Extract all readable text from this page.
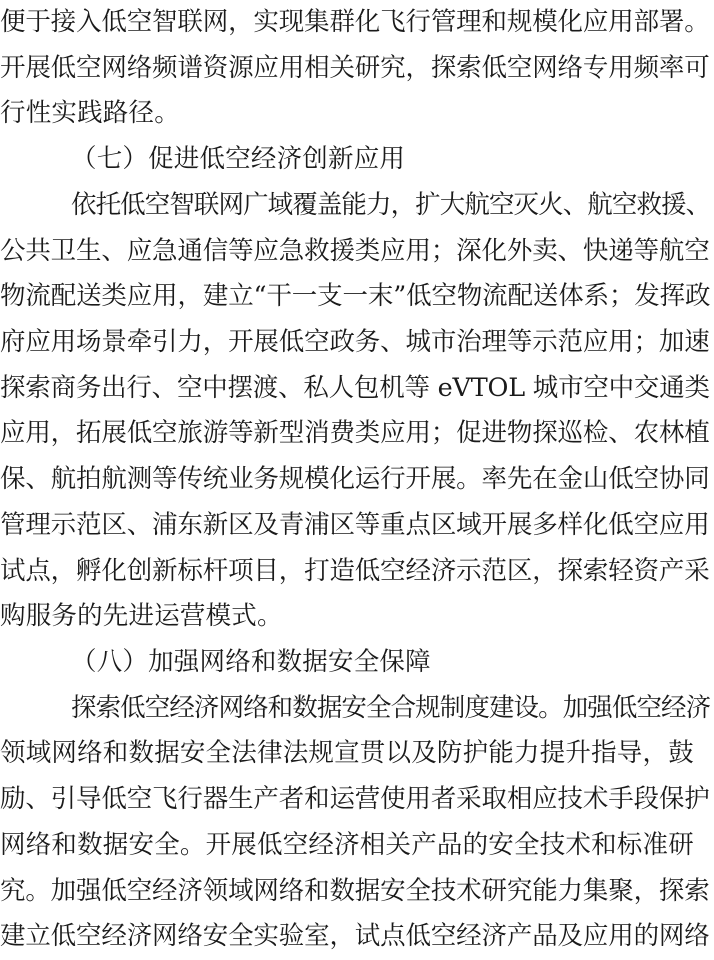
便于接入低空智联网，实现集群化飞行管理和规模化应用部署。
开展低空网络频谱资源应用相关研究，探索低空网络专用频率可
行性实践路径。
（七）促进低空经济创新应用
依托低空智联网广域覆盖能力，扩大航空灭火、航空救援、
公共卫生、应急通信等应急救援类应用；深化外卖、快递等航空
物流配送类应用，建立“干一支一末”低空物流配送体系；发挥政
府应用场景牵引力，开展低空政务、城市治理等示范应用；加速
探索商务出行、空中摆渡、私人包机等 eVTOL 城市空中交通类
应用，拓展低空旅游等新型消费类应用；促进物探巡检、农林植
保、航拍航测等传统业务规模化运行开展。率先在金山低空协同
管理示范区、浦东新区及青浦区等重点区域开展多样化低空应用
试点，孵化创新标杆项目，打造低空经济示范区，探索轻资产采
购服务的先进运营模式。
（八）加强网络和数据安全保障
探索低空经济网络和数据安全合规制度建设。加强低空经济
领域网络和数据安全法律法规宣贯以及防护能力提升指导，鼓
励、引导低空飞行器生产者和运营使用者采取相应技术手段保护
网络和数据安全。开展低空经济相关产品的安全技术和标准研
究。加强低空经济领域网络和数据安全技术研究能力集聚，探索
建立低空经济网络安全实验室，试点低空经济产品及应用的网络
